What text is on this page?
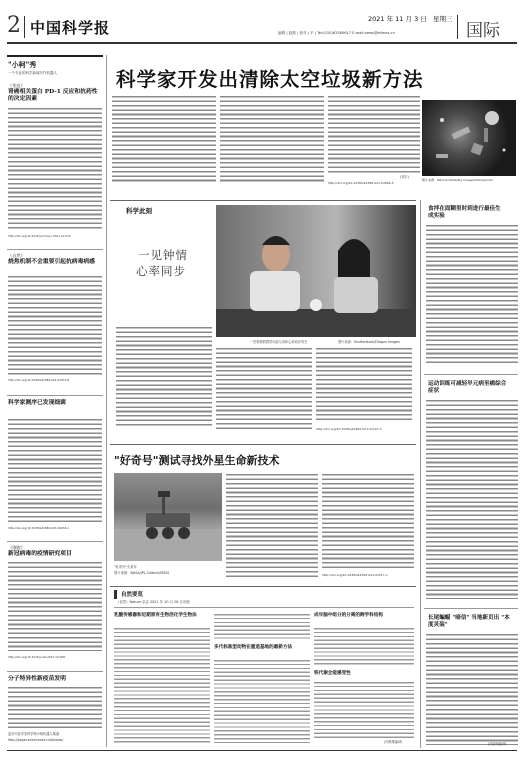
2 中国科学报	2021 年 11 月 3 日 星期三
编辑 | 赵路 | 校对 | 平 | Tel:(010)62580617 E-mail:news@stimes.cn	国际
"小柯"秀
一个专业的科学新闻写作机器人
《免疫》
肾癌相关蛋白 PD-1 反应和抗药性的决定因素
http://doi.org/10.1016/j.immuni.2021.10.019
《自然》
烧焦机制不会重要引起抗病毒病感
http://doi.org/10.1038/s41586-021-03975-8
科学家测序已发现细菌
http://doi.org/10.1038/s41586-021-04034-z
《细胞》
新冠病毒的疫情研究项目
http://doi.org/10.1016/j.cell.2021.10.008
分子特异性新疫苗发明
更多内容详见科学网小柯机器人频道：
http://paper.sciencenet.cn/AInews/
科学家开发出清除太空垃圾新方法
(刘丰)
http://doi.org/10.1038/s41586-021-03966-5
图片来源：Petrovich9/Getty Images/iStockphoto
科学此刻
一见钟情
心率同步
一见钟情的感觉可能与身体心率同步有关	图片来源：Shutterstock/Dragon Images
http://doi.org/10.1038/s41562-021-01197-3
食拌在面糊里时到进行最佳生成实验
运动训练可减轻早元病至痛综合症状
长尾蝙蝠 "暗信" 当地新页出 "本度灵装"
"好奇号"测试寻找外星生命新技术
"好奇号"火星车
图片来源：NASA/JPL-Caltech/MSSS	http://doi.org/10.1038/s41550-021-01517-x
自然要览
《自然》Nature 杂志 2021 年 10 月 28 日出版
乳酸传感器和近期原有生物活化学生物法
多代标准型动物在重造基地的最新方法
成年脑中组分的分离的跨学科结构
铁代谢全能感受性
(冯维维编译)	(冯丽荣编译)
